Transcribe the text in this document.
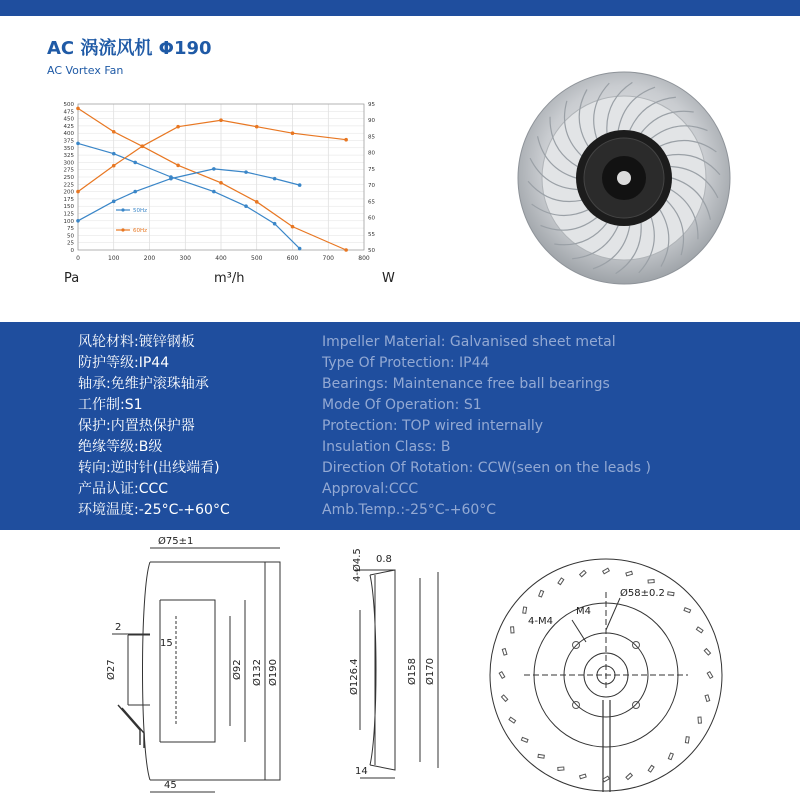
AC 涡流风机 Φ190
AC Vortex Fan
0	100	200	300	400	500	600	700	800
0
25
50
75
100
125
150
175
200
225
250
275
300
325
350
375
400
425
450
475
500
50
55
60
65
70
75
80
85
90
95
50Hz
60Hz
Pa	m³/h	W
风轮材料:镀锌钢板
防护等级:IP44
轴承:免维护滚珠轴承
工作制:S1
保护:内置热保护器
绝缘等级:B级
转向:逆时针(出线端看)
产品认证:CCC
环境温度:-25°C-+60°C
Impeller Material: Galvanised sheet metal
Type Of Protection: IP44
Bearings: Maintenance free ball bearings
Mode Of Operation: S1
Protection: TOP wired internally
Insulation Class: B
Direction Of Rotation: CCW(seen on the leads )
Approval:CCC
Amb.Temp.:-25°C-+60°C
Ø75±1
2
15
Ø27	Ø92 Ø132 Ø190
45
4-Ø4.5 0.8
Ø126.4	Ø158 Ø170
14
Ø58±0.2
M4
4-M4
